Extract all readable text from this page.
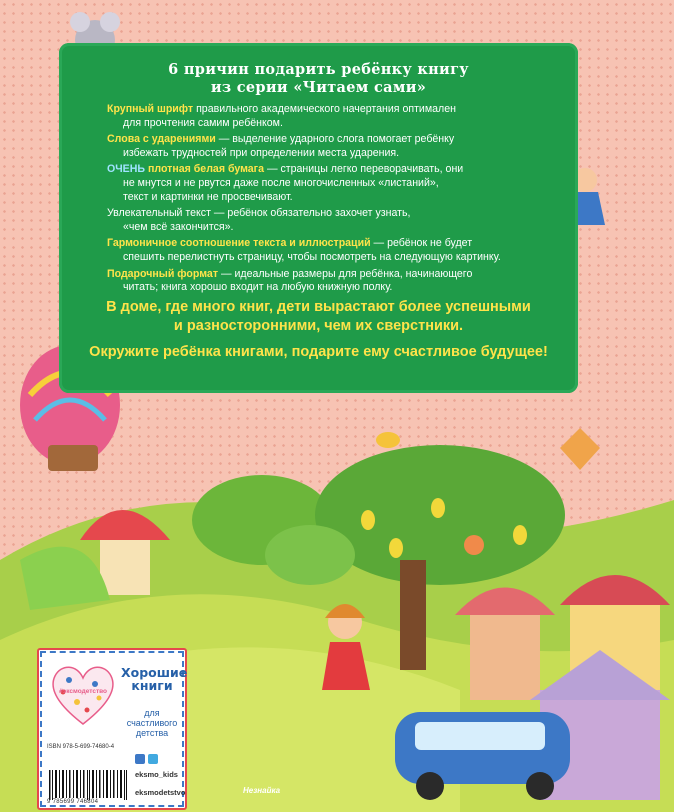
6 причин подарить ребёнку книгу
из серии «Читаем сами»
Крупный шрифт правильного академического начертания оптимален
для прочтения самим ребёнком.
Слова с ударениями — выделение ударного слога помогает ребёнку
избежать трудностей при определении места ударения.
ОЧЕНЬ плотная белая бумага — страницы легко переворачивать, они
не мнутся и не рвутся даже после многочисленных «листаний»,
текст и картинки не просвечивают.
Увлекательный текст — ребёнок обязательно захочет узнать,
«чем всё закончится».
Гармоничное соотношение текста и иллюстраций — ребёнок не будет
спешить перелистнуть страницу, чтобы посмотреть на следующую картинку.
Подарочный формат — идеальные размеры для ребёнка, начинающего
читать; книга хорошо входит на любую книжную полку.
В доме, где много книг, дети вырастают более успешными
и разносторонними, чем их сверстники.
Окружите ребёнка книгами, подарите ему счастливое будущее!
#эксмодетство
Хорошие
книги
для счастливого
детства
ISBN 978-5-699-74680-4
eksmo_kids
eksmodetstvo
9 785699 746804
Незнайка
